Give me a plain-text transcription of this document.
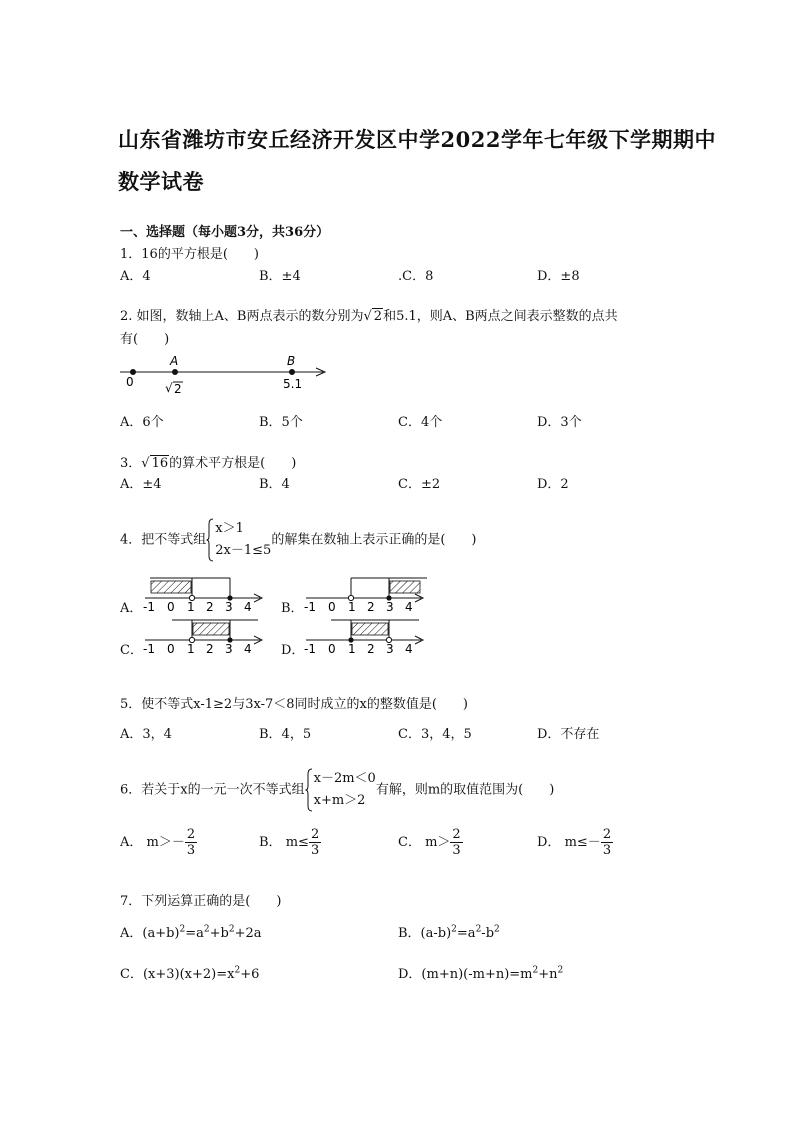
山东省潍坊市安丘经济开发区中学2022学年七年级下学期期中
数学试卷
一、选择题（每小题3分，共36分）
1．16的平方根是(　　)
A．4	B．±4	.C．8	D．±8
2. 如图，数轴上A、B两点表示的数分别为√ 2和5.1，则A、B两点之间表示整数的点共
有(　　)
A	B
0	√ 2	5.1
A．6个	B．5个	C．4个	D．3个
3．√ 16的算术平方根是(　　)
A．±4	B．4	C．±2	D．2
4．把不等式组
x＞1
2x－1≤5
的解集在数轴上表示正确的是(　　)
A． -1 0 1 2 3 4 B． -1 0 1 2 3 4
C． -1 0 1 2 3 4 D． -1 0 1 2 3 4
5．使不等式x-1≥2与3x-7＜8同时成立的x的整数值是(　　)
A．3，4	B．4，5	C．3，4，5	D．不存在
6．若关于x的一元一次不等式组
x－2m＜0
x+m＞2
有解，则m的取值范围为(　　)
A． $m>- \frac{2}{3}$	B． $m\le \frac{2}{3}$	C． $m> \frac{2}{3}$	D． $m\le- \frac{2}{3}$
7．下列运算正确的是(　　)
A．$(a+b)^2=a^2+b^2+2a$	B．$(a-b)^2=a^2-b^2$
C．$(x+3)(x+2)=x^2+6$	D．$(m+n)(-m+n)=m^2+n^2$
